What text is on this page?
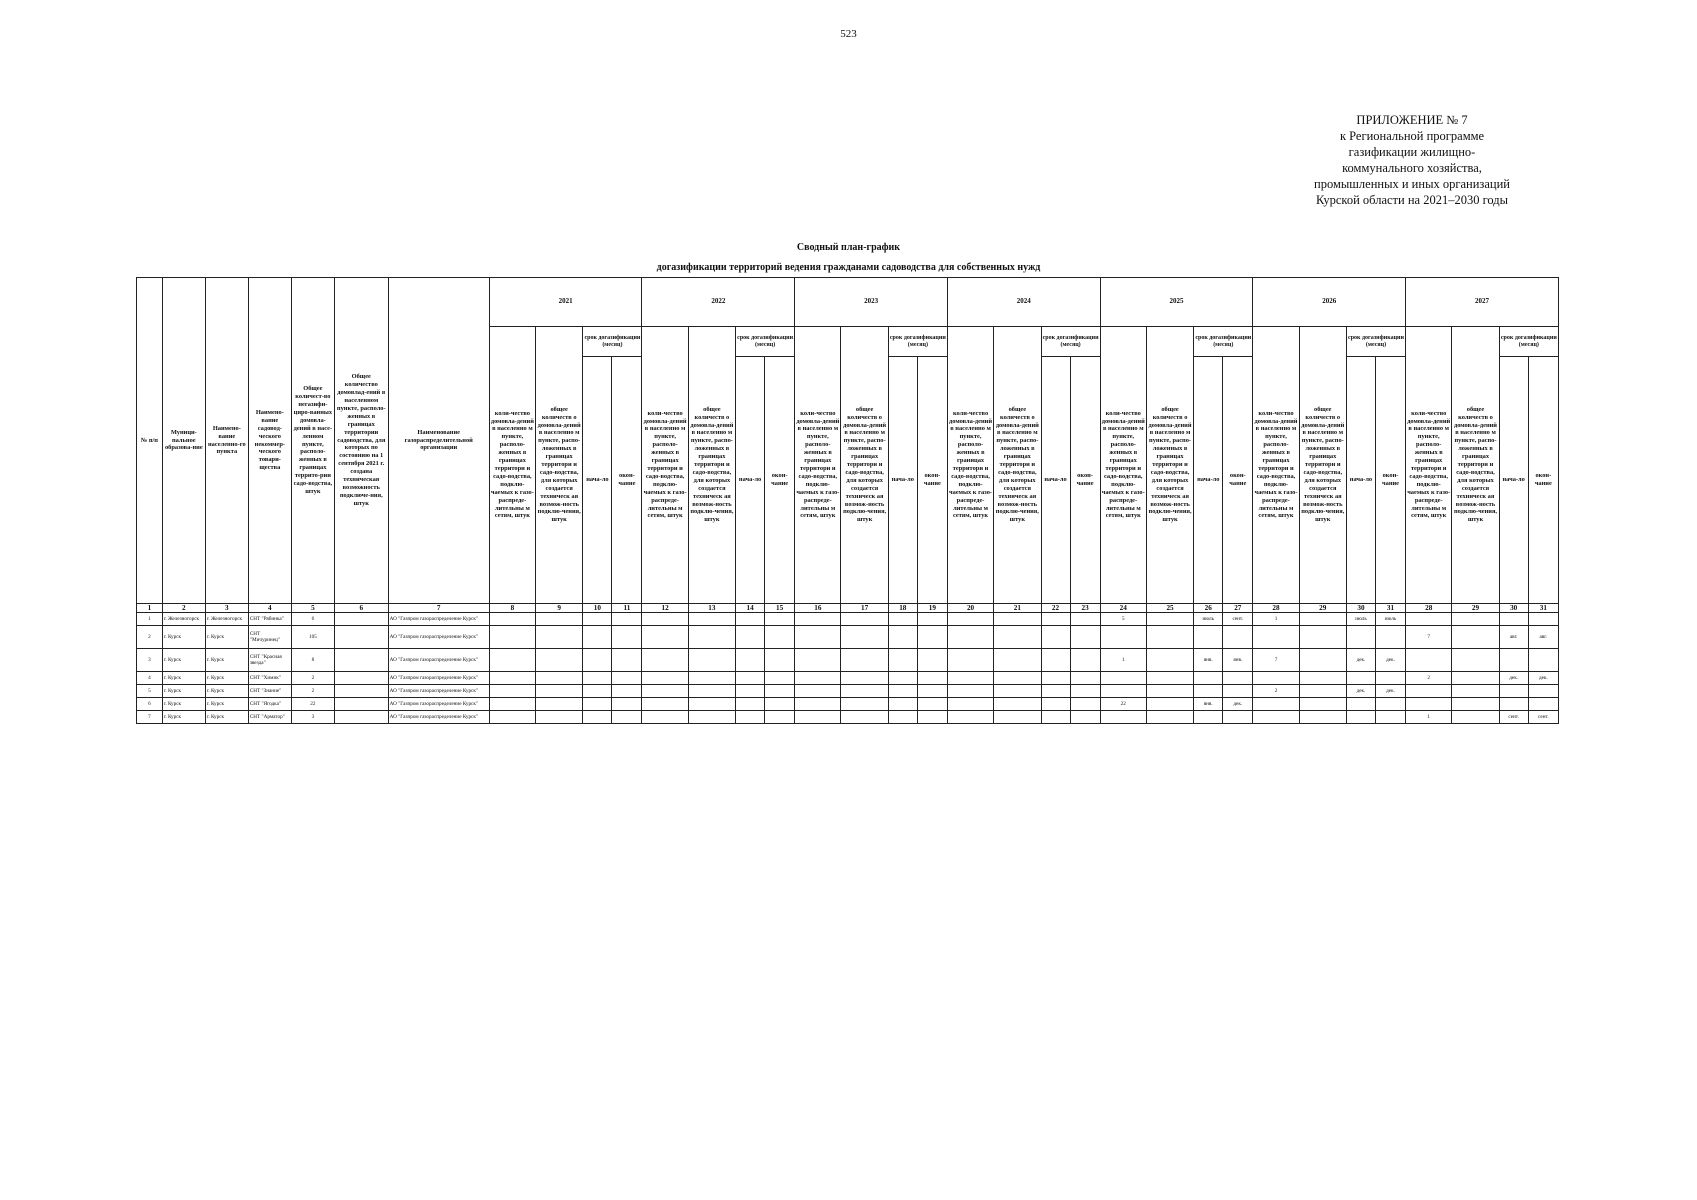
523
ПРИЛОЖЕНИЕ № 7
к Региональной программе
газификации жилищно-
коммунального хозяйства,
промышленных и иных организаций
Курской области на 2021–2030 годы
Сводный план-график
догазификации территорий ведения гражданами садоводства для собственных нужд
№ п/п	Муници-пальное образова-ние	Наимено-вание населенно-го пункта	Наимено-вание садовод-ческого некоммер-ческого товари-щества	Общее количест-во негазифи-циро-ванных домовла-дений в насе-ленном пункте, располо-женных в границах террито-рии садо-водства, штук	Общее количество домовлад-ений в населенном пункте, располо-женных в границах территории садоводства, для которых по состоянию на 1 сентября 2021 г. создана техническая возможность подключе-ния, штук	Наименование газораспределительной организации	2021				2022				2023				2024				2025				2026				2027			
							коли-чество домовла-дений в населенно м пункте, располо-женных в границах территори и садо-водства, подклю-чаемых к газо-распреде-лительны м сетям, штук	общее количеств о домовла-дений в населенно м пункте, распо-ложенных в границах территори и садо-водства, для которых создается техническ ая возмож-ность подклю-чения, штук	срок догазификации (месяц)		коли-чество домовла-дений в населенно м пункте, располо-женных в границах территори и садо-водства, подклю-чаемых к газо-распреде-лительны м сетям, штук	общее количеств о домовла-дений в населенно м пункте, распо-ложенных в границах территори и садо-водства, для которых создается техническ ая возмож-ность подклю-чения, штук	срок догазификации (месяц)		коли-чество домовла-дений в населенно м пункте, располо-женных в границах территори и садо-водства, подклю-чаемых к газо-распреде-лительны м сетям, штук	общее количеств о домовла-дений в населенно м пункте, распо-ложенных в границах территори и садо-водства, для которых создается техническ ая возмож-ность подклю-чения, штук	срок догазификации (месяц)		коли-чество домовла-дений в населенно м пункте, располо-женных в границах территори и садо-водства, подклю-чаемых к газо-распреде-лительны м сетям, штук	общее количеств о домовла-дений в населенно м пункте, распо-ложенных в границах территори и садо-водства, для которых создается техническ ая возмож-ность подклю-чения, штук	срок догазификации (месяц)		коли-чество домовла-дений в населенно м пункте, располо-женных в границах территори и садо-водства, подклю-чаемых к газо-распреде-лительны м сетям, штук	общее количеств о домовла-дений в населенно м пункте, распо-ложенных в границах территори и садо-водства, для которых создается техническ ая возмож-ность подклю-чения, штук	срок догазификации (месяц)		коли-чество домовла-дений в населенно м пункте, располо-женных в границах территори и садо-водства, подклю-чаемых к газо-распреде-лительны м сетям, штук	общее количеств о домовла-дений в населенно м пункте, распо-ложенных в границах территори и садо-водства, для которых создается техническ ая возмож-ность подклю-чения, штук	срок догазификации (месяц)		коли-чество домовла-дений в населенно м пункте, располо-женных в границах территори и садо-водства, подклю-чаемых к газо-распреде-лительны м сетям, штук	общее количеств о домовла-дений в населенно м пункте, распо-ложенных в границах территори и садо-водства, для которых создается техническ ая возмож-ность подклю-чения, штук	срок догазификации (месяц)	
									нача-ло	окон-чание			нача-ло	окон-чание			нача-ло	окон-чание			нача-ло	окон-чание			нача-ло	окон-чание			нача-ло	окон-чание			нача-ло	окон-чание
1	2	3	4	5	6	7	8	9	10	11	12	13	14	15	16	17	18	19	20	21	22	23	24	25	26	27	28	29	30	31	28	29	30	31
1	г. Железногорск	г. Железногорск	СНТ "Рябинка"	6		АО "Газпром газораспределение Курск"																	5		июль	сент.	1		июль	июль				
2	г. Курск	г. Курск	СНТ "Мичуринец"	105		АО "Газпром газораспределение Курск"																									7		авг.	авг.
3	г. Курск	г. Курск	СНТ "Красная звезда"	8		АО "Газпром газораспределение Курск"																	1		янв.	янв.	7		дек.	дек.				
4	г. Курск	г. Курск	СНТ "Химик"	2		АО "Газпром газораспределение Курск"																									2		дек.	дек.
5	г. Курск	г. Курск	СНТ "Знание"	2		АО "Газпром газораспределение Курск"																					2		дек.	дек.				
6	г. Курск	г. Курск	СНТ "Ягодка"	22		АО "Газпром газораспределение Курск"																	22		янв.	дек.								
7	г. Курск	г. Курск	СНТ "Арматор"	3		АО "Газпром газораспределение Курск"																									1		сент.	сент.
